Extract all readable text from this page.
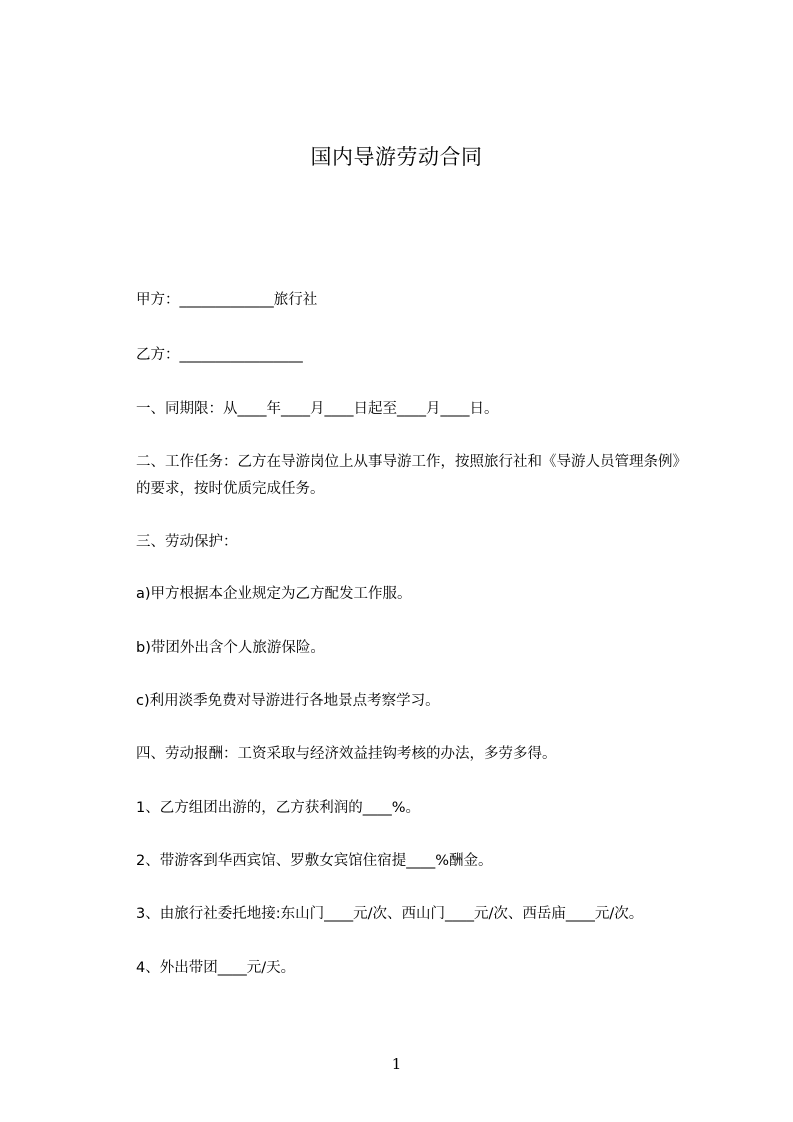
国内导游劳动合同
甲方：_____________旅行社
乙方：_________________
一、同期限：从____年____月____日起至____月____日。
二、工作任务：乙方在导游岗位上从事导游工作，按照旅行社和《导游人员管理条例》的要求，按时优质完成任务。
三、劳动保护：
a)甲方根据本企业规定为乙方配发工作服。
b)带团外出含个人旅游保险。
c)利用淡季免费对导游进行各地景点考察学习。
四、劳动报酬：工资采取与经济效益挂钩考核的办法，多劳多得。
1、乙方组团出游的，乙方获利润的____%。
2、带游客到华西宾馆、罗敷女宾馆住宿提____%酬金。
3、由旅行社委托地接:东山门____元/次、西山门____元/次、西岳庙____元/次。
4、外出带团____元/天。
1
